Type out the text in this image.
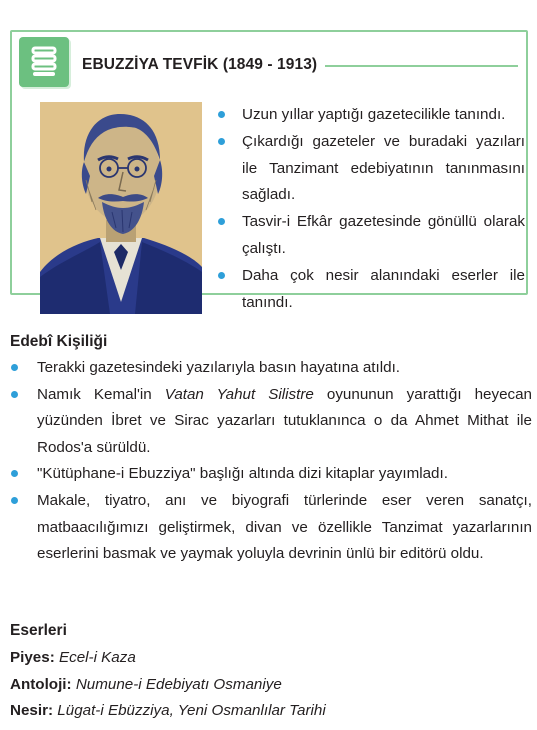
EBUZZİYA TEVFİK (1849 - 1913)
Uzun yıllar yaptığı gazetecilikle tanındı.
Çıkardığı gazeteler ve buradaki yazıları ile Tanzimant edebiyatının tanınmasını sağladı.
Tasvir-i Efkâr gazetesinde gönüllü olarak çalıştı.
Daha çok nesir alanındaki eserler ile tanındı.
Edebî Kişiliği
Terakki gazetesindeki yazılarıyla basın hayatına atıldı.
Namık Kemal'in Vatan Yahut Silistre oyununun yarattığı heyecan yüzünden İbret ve Sirac yazarları tutuklanınca o da Ahmet Mithat ile Rodos'a sürüldü.
"Kütüphane-i Ebuzziya" başlığı altında dizi kitaplar yayımladı.
Makale, tiyatro, anı ve biyografi türlerinde eser veren sanatçı, matbaacılığımızı geliştirmek, divan ve özellikle Tanzimat yazarlarının eserlerini basmak ve yaymak yoluyla devrinin ünlü bir editörü oldu.
Eserleri
Piyes: Ecel-i Kaza
Antoloji: Numune-i Edebiyatı Osmaniye
Nesir: Lügat-i Ebüzziya, Yeni Osmanlılar Tarihi
